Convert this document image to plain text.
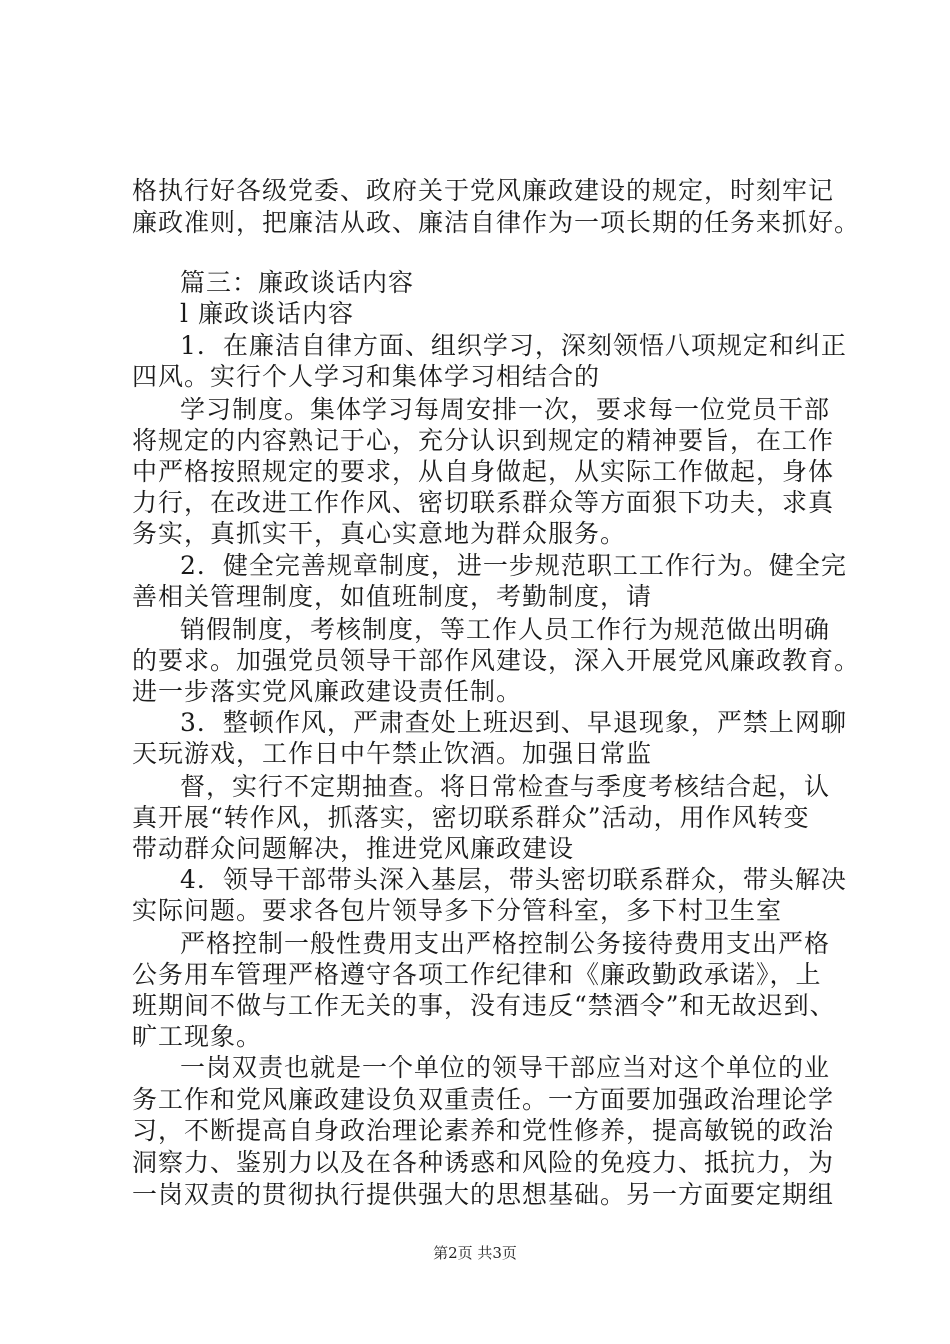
格执行好各级党委、政府关于党风廉政建设的规定，时刻牢记
廉政准则，把廉洁从政、廉洁自律作为一项长期的任务来抓好。
篇三：廉政谈话内容
l 廉政谈话内容
1．在廉洁自律方面、组织学习，深刻领悟八项规定和纠正
四风。实行个人学习和集体学习相结合的
学习制度。集体学习每周安排一次，要求每一位党员干部
将规定的内容熟记于心，充分认识到规定的精神要旨，在工作
中严格按照规定的要求，从自身做起，从实际工作做起，身体
力行，在改进工作作风、密切联系群众等方面狠下功夫，求真
务实，真抓实干，真心实意地为群众服务。
2．健全完善规章制度，进一步规范职工工作行为。健全完
善相关管理制度，如值班制度，考勤制度，请
销假制度，考核制度，等工作人员工作行为规范做出明确
的要求。加强党员领导干部作风建设，深入开展党风廉政教育。
进一步落实党风廉政建设责任制。
3．整顿作风，严肃查处上班迟到、早退现象，严禁上网聊
天玩游戏，工作日中午禁止饮酒。加强日常监
督，实行不定期抽查。将日常检查与季度考核结合起，认
真开展“转作风，抓落实，密切联系群众”活动，用作风转变
带动群众问题解决，推进党风廉政建设
4．领导干部带头深入基层，带头密切联系群众，带头解决
实际问题。要求各包片领导多下分管科室，多下村卫生室
严格控制一般性费用支出严格控制公务接待费用支出严格
公务用车管理严格遵守各项工作纪律和《廉政勤政承诺》，上
班期间不做与工作无关的事，没有违反“禁酒令”和无故迟到、
旷工现象。
一岗双责也就是一个单位的领导干部应当对这个单位的业
务工作和党风廉政建设负双重责任。一方面要加强政治理论学
习，不断提高自身政治理论素养和党性修养，提高敏锐的政治
洞察力、鉴别力以及在各种诱惑和风险的免疫力、抵抗力，为
一岗双责的贯彻执行提供强大的思想基础。另一方面要定期组
第2页 共3页
